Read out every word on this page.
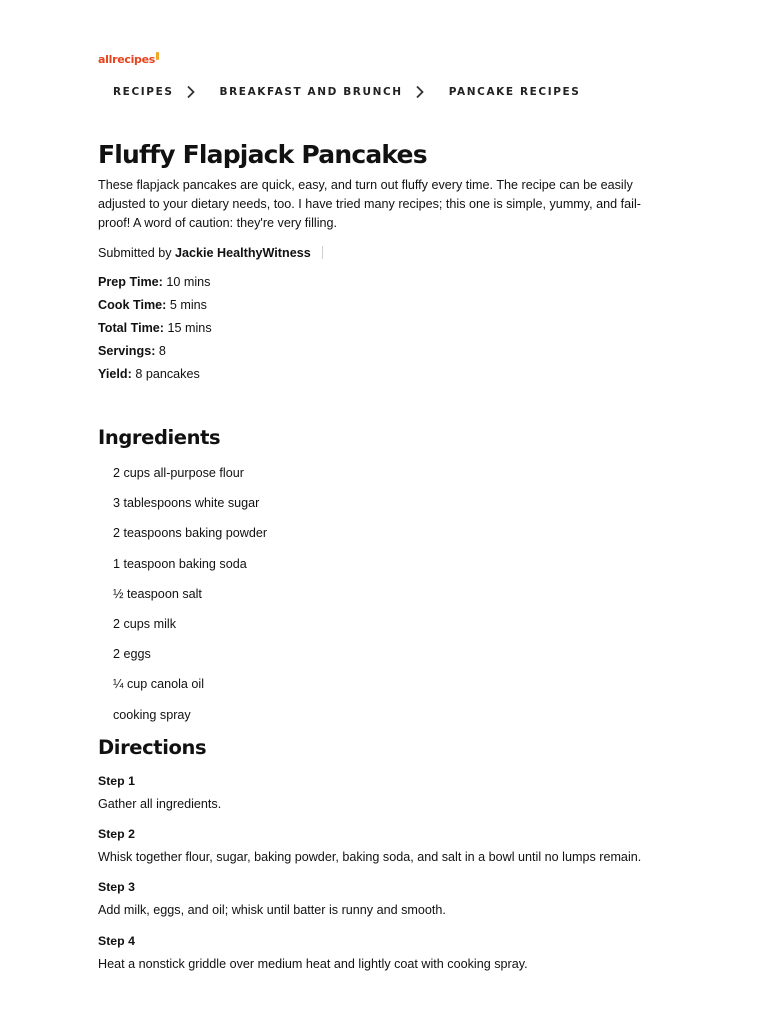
allrecipes
RECIPES	BREAKFAST AND BRUNCH	PANCAKE RECIPES
Fluffy Flapjack Pancakes

These flapjack pancakes are quick, easy, and turn out fluffy every time. The recipe can be easily adjusted to your dietary needs, too. I have tried many recipes; this one is simple, yummy, and fail-proof! A word of caution: they're very filling.

Submitted by Jackie HealthyWitness
Prep Time: 10 mins
Cook Time: 5 mins
Total Time: 15 mins
Servings: 8
Yield: 8 pancakes
Ingredients
2 cups all-purpose flour
3 tablespoons white sugar
2 teaspoons baking powder
1 teaspoon baking soda
½ teaspoon salt
2 cups milk
2 eggs
¼ cup canola oil
cooking spray
Directions
Step 1
Gather all ingredients.
Step 2
Whisk together flour, sugar, baking powder, baking soda, and salt in a bowl until no lumps remain.
Step 3
Add milk, eggs, and oil; whisk until batter is runny and smooth.
Step 4
Heat a nonstick griddle over medium heat and lightly coat with cooking spray.
